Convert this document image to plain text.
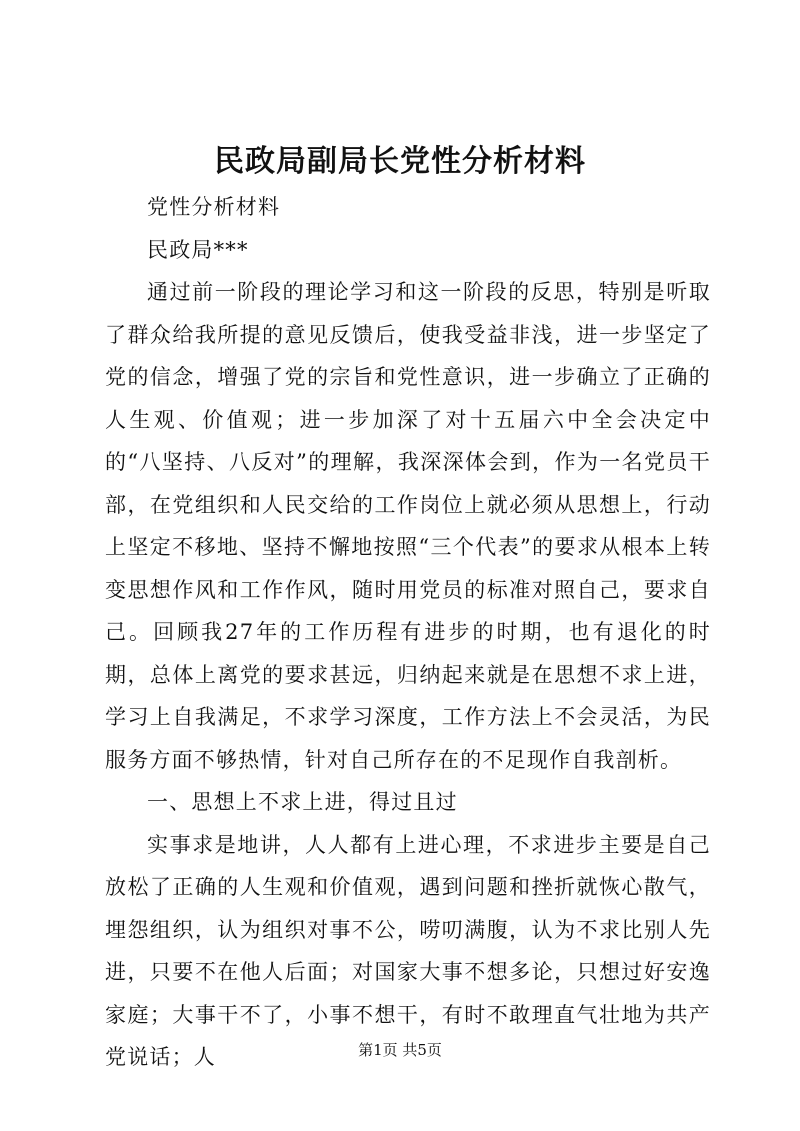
民政局副局长党性分析材料

党性分析材料

民政局***

通过前一阶段的理论学习和这一阶段的反思，特别是听取了群众给我所提的意见反馈后，使我受益非浅，进一步坚定了党的信念，增强了党的宗旨和党性意识，进一步确立了正确的人生观、价值观；进一步加深了对十五届六中全会决定中的“八坚持、八反对”的理解，我深深体会到，作为一名党员干部，在党组织和人民交给的工作岗位上就必须从思想上，行动上坚定不移地、坚持不懈地按照“三个代表”的要求从根本上转变思想作风和工作作风，随时用党员的标准对照自己，要求自己。回顾我27年的工作历程有进步的时期，也有退化的时期，总体上离党的要求甚远，归纳起来就是在思想不求上进，学习上自我满足，不求学习深度，工作方法上不会灵活，为民服务方面不够热情，针对自己所存在的不足现作自我剖析。

一、思想上不求上进，得过且过

实事求是地讲，人人都有上进心理，不求进步主要是自己放松了正确的人生观和价值观，遇到问题和挫折就恢心散气，埋怨组织，认为组织对事不公，唠叨满腹，认为不求比别人先进，只要不在他人后面；对国家大事不想多论，只想过好安逸家庭；大事干不了，小事不想干，有时不敢理直气壮地为共产党说话；人	第1页 共5页
